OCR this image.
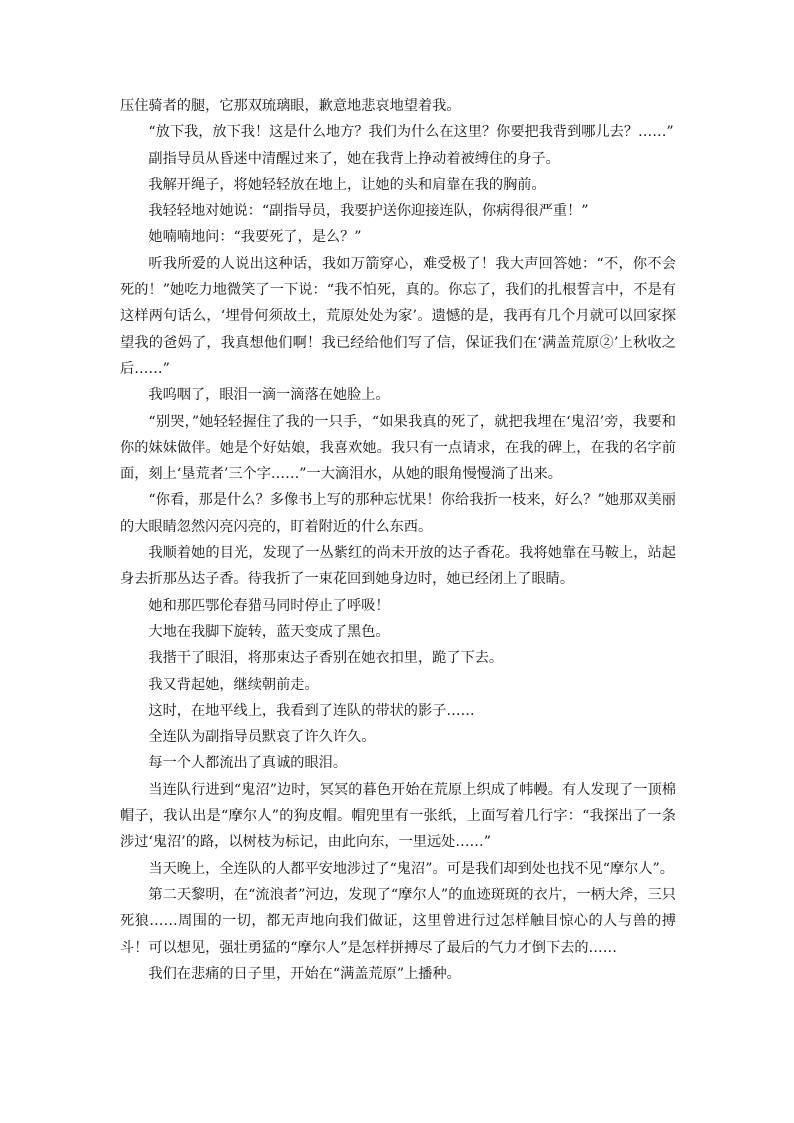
压住骑者的腿，它那双琉璃眼，歉意地悲哀地望着我。

“放下我，放下我！这是什么地方？我们为什么在这里？你要把我背到哪儿去？……”

副指导员从昏迷中清醒过来了，她在我背上挣动着被缚住的身子。

我解开绳子，将她轻轻放在地上，让她的头和肩靠在我的胸前。

我轻轻地对她说：“副指导员，我要护送你迎接连队，你病得很严重！”

她喃喃地问：“我要死了，是么？”

听我所爱的人说出这种话，我如万箭穿心，难受极了！我大声回答她：“不，你不会死的！”她吃力地微笑了一下说：“我不怕死，真的。你忘了，我们的扎根誓言中，不是有这样两句话么，‘埋骨何须故土，荒原处处为家’。遗憾的是，我再有几个月就可以回家探望我的爸妈了，我真想他们啊！我已经给他们写了信，保证我们在‘满盖荒原②’上秋收之后……”

我呜咽了，眼泪一滴一滴落在她脸上。

“别哭，”她轻轻握住了我的一只手，“如果我真的死了，就把我埋在‘鬼沼’旁，我要和你的妹妹做伴。她是个好姑娘，我喜欢她。我只有一点请求，在我的碑上，在我的名字前面，刻上‘垦荒者’三个字……”一大滴泪水，从她的眼角慢慢淌了出来。

“你看，那是什么？多像书上写的那种忘忧果！你给我折一枝来，好么？”她那双美丽的大眼睛忽然闪亮闪亮的，盯着附近的什么东西。

我顺着她的目光，发现了一丛紫红的尚未开放的达子香花。我将她靠在马鞍上，站起身去折那丛达子香。待我折了一束花回到她身边时，她已经闭上了眼睛。

她和那匹鄂伦春猎马同时停止了呼吸！

大地在我脚下旋转，蓝天变成了黑色。

我揩干了眼泪，将那束达子香别在她衣扣里，跪了下去。

我又背起她，继续朝前走。

这时，在地平线上，我看到了连队的带状的影子……

全连队为副指导员默哀了许久许久。

每一个人都流出了真诚的眼泪。

当连队行进到“鬼沼”边时，冥冥的暮色开始在荒原上织成了帏幔。有人发现了一顶棉帽子，我认出是“摩尔人”的狗皮帽。帽兜里有一张纸，上面写着几行字：“我探出了一条涉过‘鬼沼’的路，以树枝为标记，由此向东，一里远处……”

当天晚上，全连队的人都平安地涉过了“鬼沼”。可是我们却到处也找不见“摩尔人”。

第二天黎明，在“流浪者”河边，发现了“摩尔人”的血迹斑斑的衣片，一柄大斧，三只死狼……周围的一切，都无声地向我们做证，这里曾进行过怎样触目惊心的人与兽的搏斗！可以想见，强壮勇猛的“摩尔人”是怎样拼搏尽了最后的气力才倒下去的……

我们在悲痛的日子里，开始在“满盖荒原”上播种。
